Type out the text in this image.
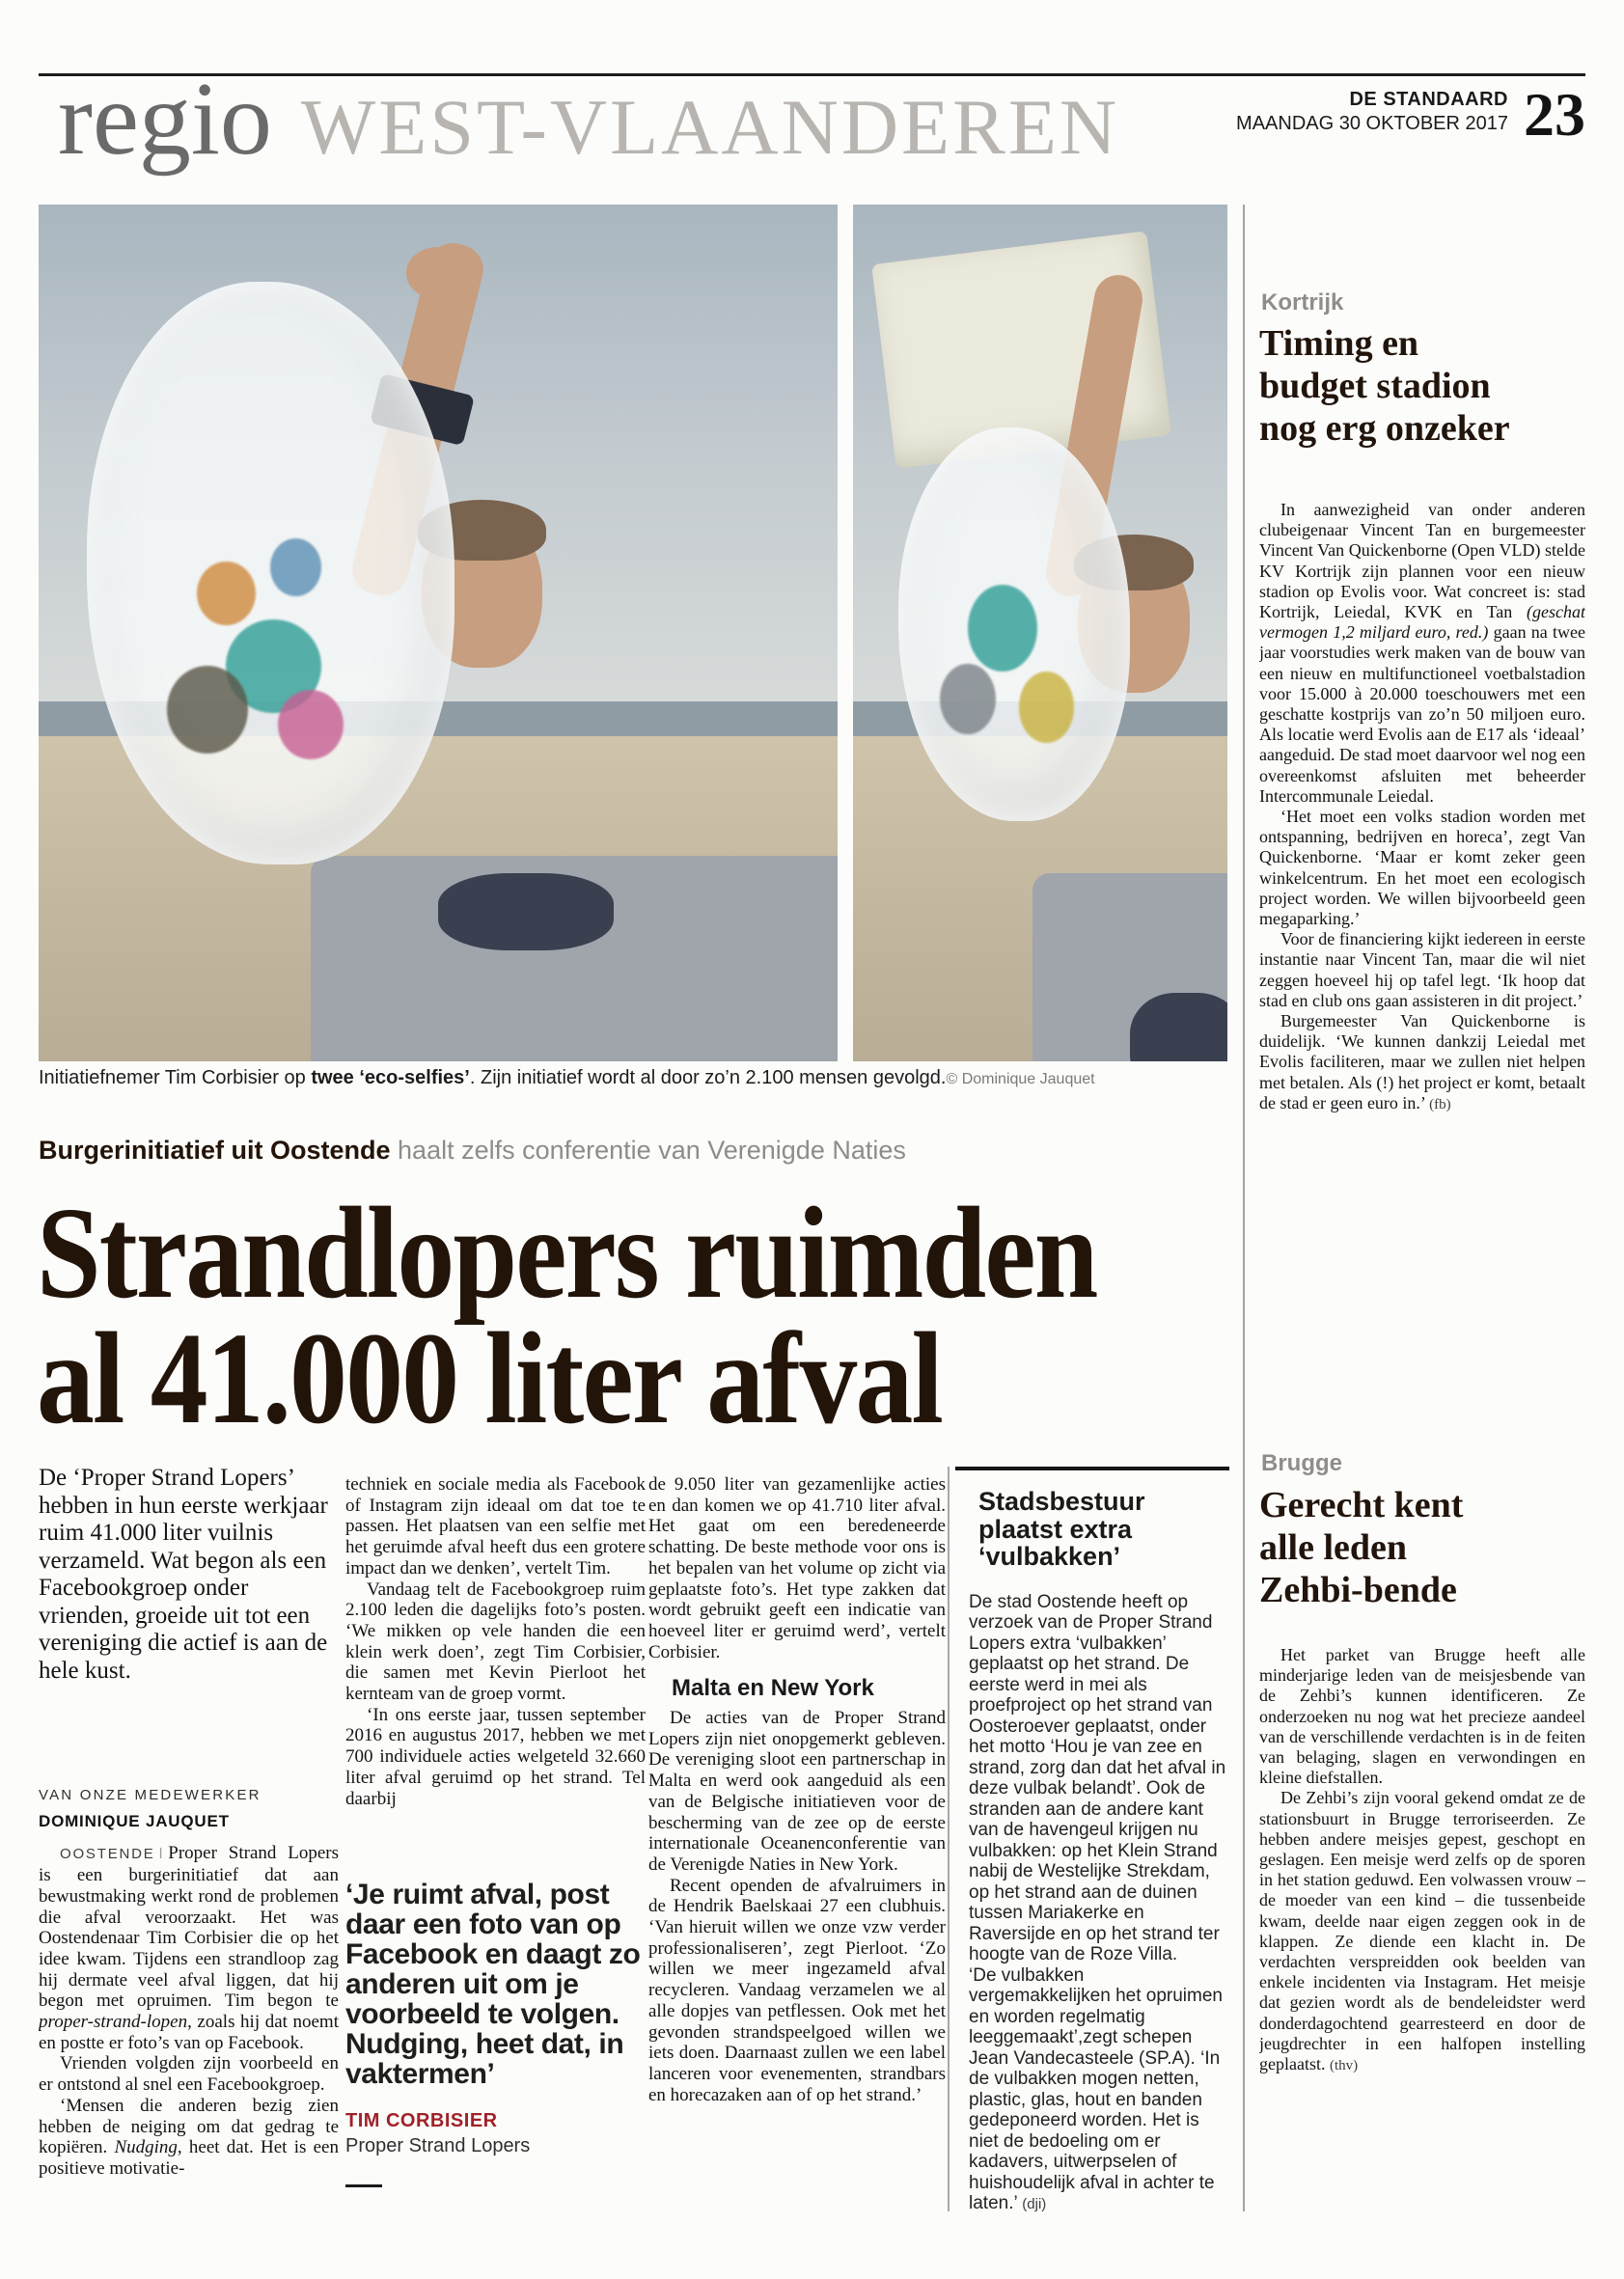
DE STANDAARD
MAANDAG 30 OKTOBER 2017 23
regio WEST-VLAANDEREN
Initiatiefnemer Tim Corbisier op twee ‘eco-selfies’. Zijn initiatief wordt al door zo’n 2.100 mensen gevolgd.© Dominique Jauquet
Burgerinitiatief uit Oostende haalt zelfs conferentie van Verenigde Naties
Strandlopers ruimden
al 41.000 liter afval
De ‘Proper Strand Lopers’ hebben in hun eerste werkjaar ruim 41.000 liter vuilnis verzameld. Wat begon als een Facebookgroep onder vrienden, groeide uit tot een vereniging die actief is aan de hele kust.
VAN ONZE MEDEWERKER
DOMINIQUE JAUQUET

OOSTENDE ǀ Proper Strand Lopers is een burgerinitiatief dat aan bewustmaking werkt rond de problemen die afval veroorzaakt. Het was Oostendenaar Tim Corbisier die op het idee kwam. Tijdens een strandloop zag hij dermate veel afval liggen, dat hij begon met opruimen. Tim begon te proper-strand-lopen, zoals hij dat noemt en postte er foto’s van op Facebook.

Vrienden volgden zijn voorbeeld en er ontstond al snel een Facebookgroep.

‘Mensen die anderen bezig zien hebben de neiging om dat gedrag te kopiëren. Nudging, heet dat. Het is een positieve motivatie-

techniek en sociale media als Facebook of Instagram zijn ideaal om dat toe te passen. Het plaatsen van een selfie met het geruimde afval heeft dus een grotere impact dan we denken’, vertelt Tim.

Vandaag telt de Facebookgroep ruim 2.100 leden die dagelijks foto’s posten. ‘We mikken op vele handen die een klein werk doen’, zegt Tim Corbisier, die samen met Kevin Pierloot het kernteam van de groep vormt.

‘In ons eerste jaar, tussen september 2016 en augustus 2017, hebben we met 700 individuele acties welgeteld 32.660 liter afval geruimd op het strand. Tel daarbij

‘Je ruimt afval, post daar een foto van op Facebook en daagt zo anderen uit om je voorbeeld te volgen. Nudging, heet dat, in vaktermen’
TIM CORBISIER
Proper Strand Lopers

de 9.050 liter van gezamenlijke acties en dan komen we op 41.710 liter afval. Het gaat om een beredeneerde schatting. De beste methode voor ons is het bepalen van het volume op zicht via geplaatste foto’s. Het type zakken dat wordt gebruikt geeft een indicatie van hoeveel liter er geruimd werd’, vertelt Corbisier.

Malta en New York

De acties van de Proper Strand Lopers zijn niet onopgemerkt gebleven. De vereniging sloot een partnerschap in Malta en werd ook aangeduid als een van de Belgische initiatieven voor de bescherming van de zee op de eerste internationale Oceanenconferentie van de Verenigde Naties in New York.

Recent openden de afvalruimers in de Hendrik Baelskaai 27 een clubhuis. ‘Van hieruit willen we onze vzw verder professionaliseren’, zegt Pierloot. ‘Zo willen we meer ingezameld afval recycleren. Vandaag verzamelen we al alle dopjes van petflessen. Ook met het gevonden strandspeelgoed willen we iets doen. Daarnaast zullen we een label lanceren voor evenementen, strandbars en horecazaken aan of op het strand.’

Stadsbestuur
plaatst extra
‘vulbakken’

De stad Oostende heeft op verzoek van de Proper Strand Lopers extra ‘vulbakken’ geplaatst op het strand. De eerste werd in mei als proefproject op het strand van Oosteroever geplaatst, onder het motto ‘Hou je van zee en strand, zorg dan dat het afval in deze vulbak belandt’. Ook de stranden aan de andere kant van de havengeul krijgen nu vulbakken: op het Klein Strand nabij de Westelijke Strekdam, op het strand aan de duinen tussen Mariakerke en Raversijde en op het strand ter hoogte van de Roze Villa.

‘De vulbakken vergemakkelijken het opruimen en worden regelmatig leeggemaakt’,zegt schepen Jean Vandecasteele (SP.A). ‘In de vulbakken mogen netten, plastic, glas, hout en banden gedeponeerd worden. Het is niet de bedoeling om er kadavers, uitwerpselen of huishoudelijk afval in achter te laten.’ (dji)

Kortrijk
Timing en
budget stadion
nog erg onzeker

In aanwezigheid van onder anderen clubeigenaar Vincent Tan en burgemeester Vincent Van Quickenborne (Open VLD) stelde KV Kortrijk zijn plannen voor een nieuw stadion op Evolis voor. Wat concreet is: stad Kortrijk, Leiedal, KVK en Tan (geschat vermogen 1,2 miljard euro, red.) gaan na twee jaar voorstudies werk maken van de bouw van een nieuw en multifunctioneel voetbalstadion voor 15.000 à 20.000 toeschouwers met een geschatte kostprijs van zo’n 50 miljoen euro. Als locatie werd Evolis aan de E17 als ‘ideaal’ aangeduid. De stad moet daarvoor wel nog een overeenkomst afsluiten met beheerder Intercommunale Leiedal.

‘Het moet een volks stadion worden met ontspanning, bedrijven en horeca’, zegt Van Quickenborne. ‘Maar er komt zeker geen winkelcentrum. En het moet een ecologisch project worden. We willen bijvoorbeeld geen megaparking.’

Voor de financiering kijkt iedereen in eerste instantie naar Vincent Tan, maar die wil niet zeggen hoeveel hij op tafel legt. ‘Ik hoop dat stad en club ons gaan assisteren in dit project.’

Burgemeester Van Quickenborne is duidelijk. ‘We kunnen dankzij Leiedal met Evolis faciliteren, maar we zullen niet helpen met betalen. Als (!) het project er komt, betaalt de stad er geen euro in.’ (fb)

Brugge
Gerecht kent
alle leden
Zehbi-bende

Het parket van Brugge heeft alle minderjarige leden van de meisjesbende van de Zehbi’s kunnen identificeren. Ze onderzoeken nu nog wat het precieze aandeel van de verschillende verdachten is in de feiten van belaging, slagen en verwondingen en kleine diefstallen.

De Zehbi’s zijn vooral gekend omdat ze de stationsbuurt in Brugge terroriseerden. Ze hebben andere meisjes gepest, geschopt en geslagen. Een meisje werd zelfs op de sporen in het station geduwd. Een volwassen vrouw – de moeder van een kind – die tussenbeide kwam, deelde naar eigen zeggen ook in de klappen. Ze diende een klacht in. De verdachten verspreidden ook beelden van enkele incidenten via Instagram. Het meisje dat gezien wordt als de bendeleidster werd donderdagochtend gearresteerd en door de jeugdrechter in een halfopen instelling geplaatst. (thv)
